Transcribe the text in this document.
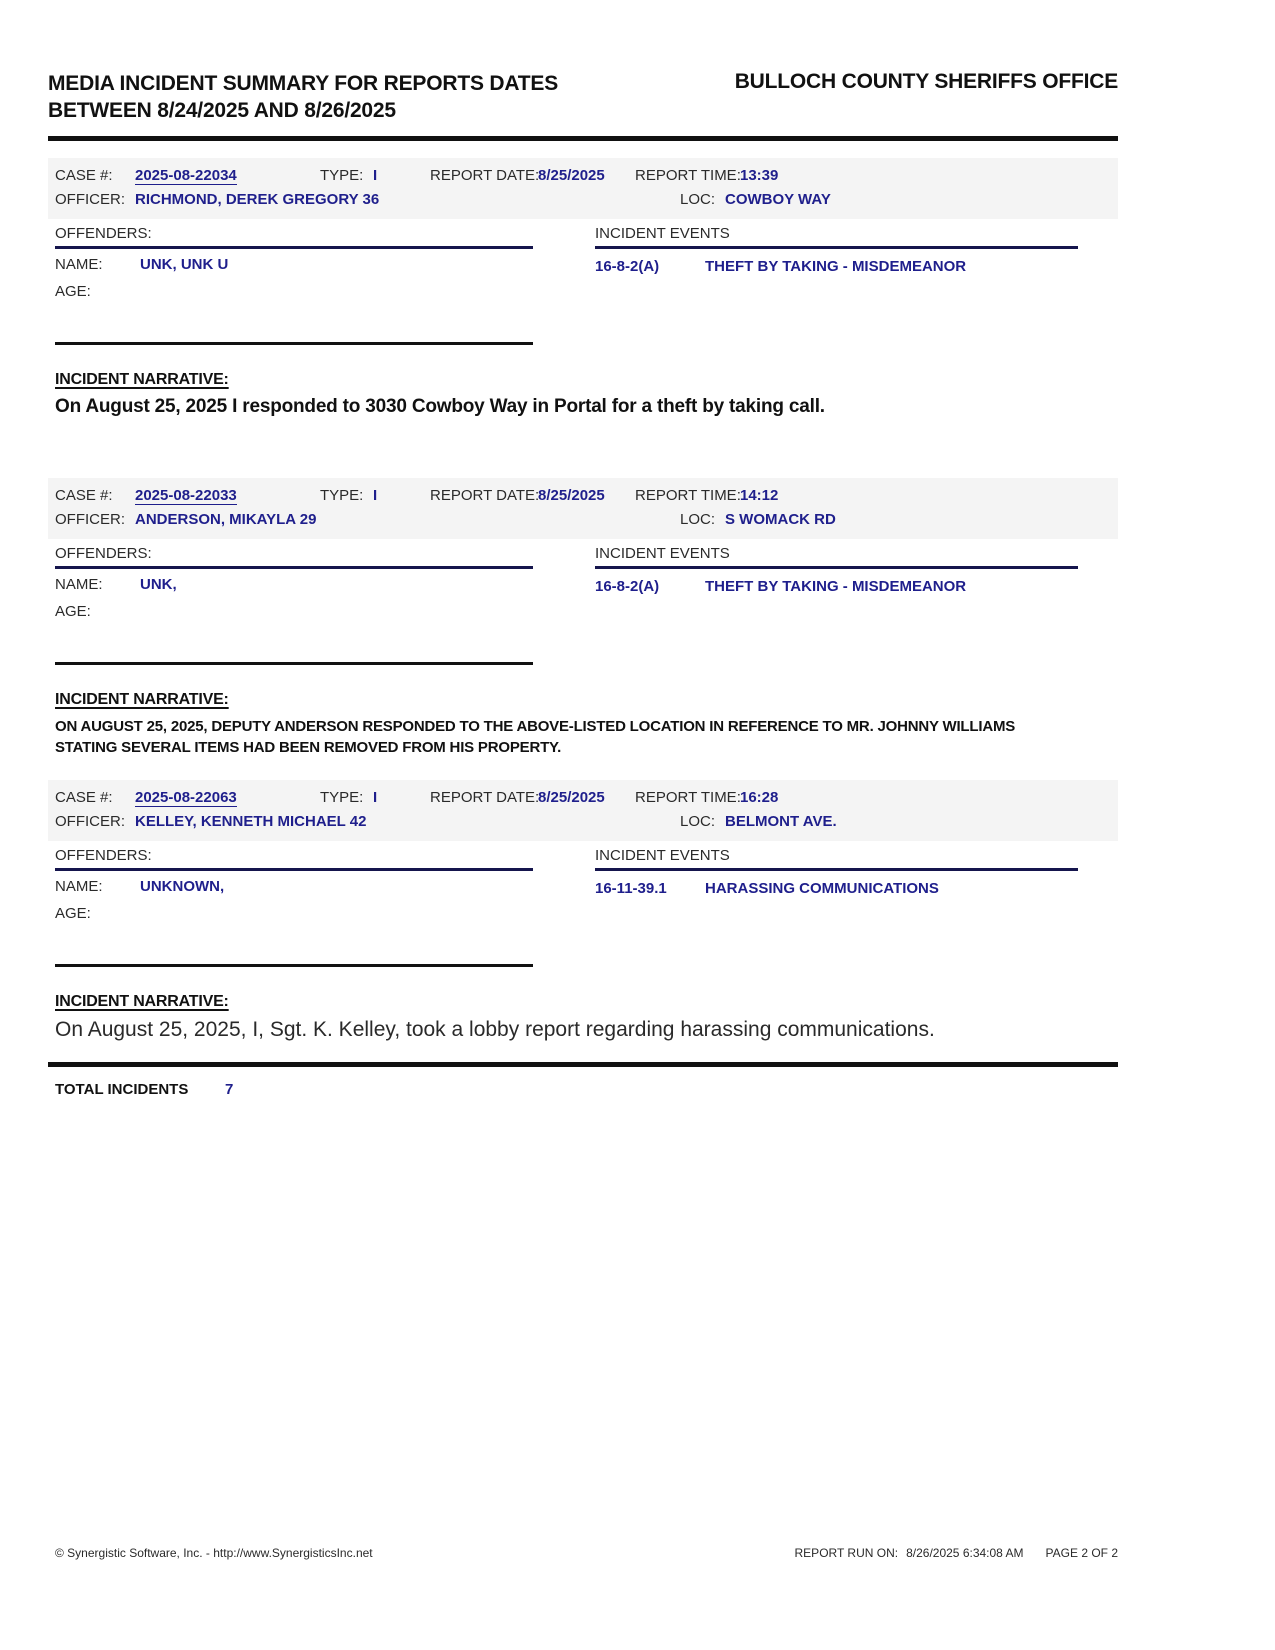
MEDIA INCIDENT SUMMARY FOR REPORTS DATES
BETWEEN 8/24/2025 AND 8/26/2025
BULLOCH COUNTY SHERIFFS OFFICE
CASE #: 2025-08-22034	TYPE: I	REPORT DATE:
8/25/2025 REPORT TIME: 13:39
OFFICER: RICHMOND, DEREK GREGORY 36	LOC: COWBOY WAY
OFFENDERS:
NAME: UNK, UNK U
AGE:
INCIDENT EVENTS
16-8-2(A)	THEFT BY TAKING - MISDEMEANOR
INCIDENT NARRATIVE:
On August 25, 2025 I responded to 3030 Cowboy Way in Portal for a theft by taking call.
CASE #: 2025-08-22033	TYPE: I	REPORT DATE:
8/25/2025 REPORT TIME: 14:12
OFFICER: ANDERSON, MIKAYLA 29	LOC: S WOMACK RD
OFFENDERS:
NAME: UNK,
AGE:
INCIDENT EVENTS
16-8-2(A)	THEFT BY TAKING - MISDEMEANOR
INCIDENT NARRATIVE:
ON AUGUST 25, 2025, DEPUTY ANDERSON RESPONDED TO THE ABOVE-LISTED LOCATION IN REFERENCE TO MR. JOHNNY WILLIAMS STATING SEVERAL ITEMS HAD BEEN REMOVED FROM HIS PROPERTY.
CASE #: 2025-08-22063	TYPE: I	REPORT DATE:
8/25/2025 REPORT TIME: 16:28
OFFICER: KELLEY, KENNETH MICHAEL 42	LOC: BELMONT AVE.
OFFENDERS:
NAME: UNKNOWN,
AGE:
INCIDENT EVENTS
16-11-39.1	HARASSING COMMUNICATIONS
INCIDENT NARRATIVE:
On August 25, 2025, I, Sgt. K. Kelley, took a lobby report regarding harassing communications.
TOTAL INCIDENTS 7
© Synergistic Software, Inc. - http://www.SynergisticsInc.net	REPORT RUN ON: 8/26/2025 6:34:08 AM PAGE 2 OF 2
